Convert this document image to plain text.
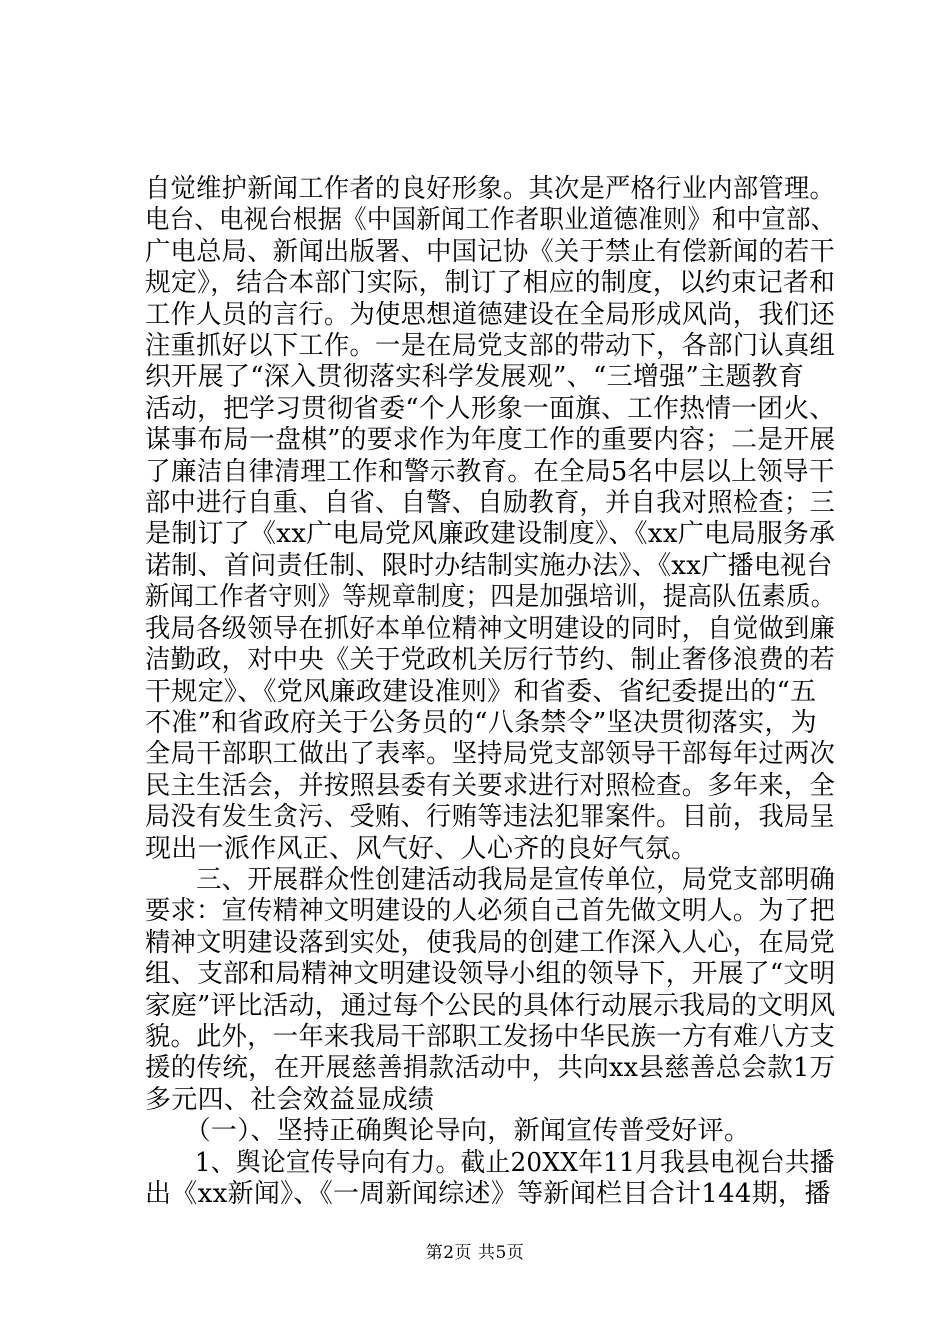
自觉维护新闻工作者的良好形象。其次是严格行业内部管理。
电台、电视台根据《中国新闻工作者职业道德准则》和中宣部、
广电总局、新闻出版署、中国记协《关于禁止有偿新闻的若干
规定》，结合本部门实际，制订了相应的制度，以约束记者和
工作人员的言行。为使思想道德建设在全局形成风尚，我们还
注重抓好以下工作。一是在局党支部的带动下，各部门认真组
织开展了“深入贯彻落实科学发展观”、“三增强”主题教育
活动，把学习贯彻省委“个人形象一面旗、工作热情一团火、
谋事布局一盘棋”的要求作为年度工作的重要内容；二是开展
了廉洁自律清理工作和警示教育。在全局5名中层以上领导干
部中进行自重、自省、自警、自励教育，并自我对照检查；三
是制订了《xx广电局党风廉政建设制度》、《xx广电局服务承
诺制、首问责任制、限时办结制实施办法》、《xx广播电视台
新闻工作者守则》等规章制度；四是加强培训，提高队伍素质。
我局各级领导在抓好本单位精神文明建设的同时，自觉做到廉
洁勤政，对中央《关于党政机关厉行节约、制止奢侈浪费的若
干规定》、《党风廉政建设准则》和省委、省纪委提出的“五
不准”和省政府关于公务员的“八条禁令”坚决贯彻落实，为
全局干部职工做出了表率。坚持局党支部领导干部每年过两次
民主生活会，并按照县委有关要求进行对照检查。多年来，全
局没有发生贪污、受贿、行贿等违法犯罪案件。目前，我局呈
现出一派作风正、风气好、人心齐的良好气氛。
　　三、开展群众性创建活动我局是宣传单位，局党支部明确
要求：宣传精神文明建设的人必须自己首先做文明人。为了把
精神文明建设落到实处，使我局的创建工作深入人心，在局党
组、支部和局精神文明建设领导小组的领导下，开展了“文明
家庭”评比活动，通过每个公民的具体行动展示我局的文明风
貌。此外，一年来我局干部职工发扬中华民族一方有难八方支
援的传统，在开展慈善捐款活动中，共向xx县慈善总会款1万
多元四、社会效益显成绩
　　（一）、坚持正确舆论导向，新闻宣传普受好评。
　　1、舆论宣传导向有力。截止20XX年11月我县电视台共播
出《xx新闻》、《一周新闻综述》等新闻栏目合计144期，播
第2页 共5页
